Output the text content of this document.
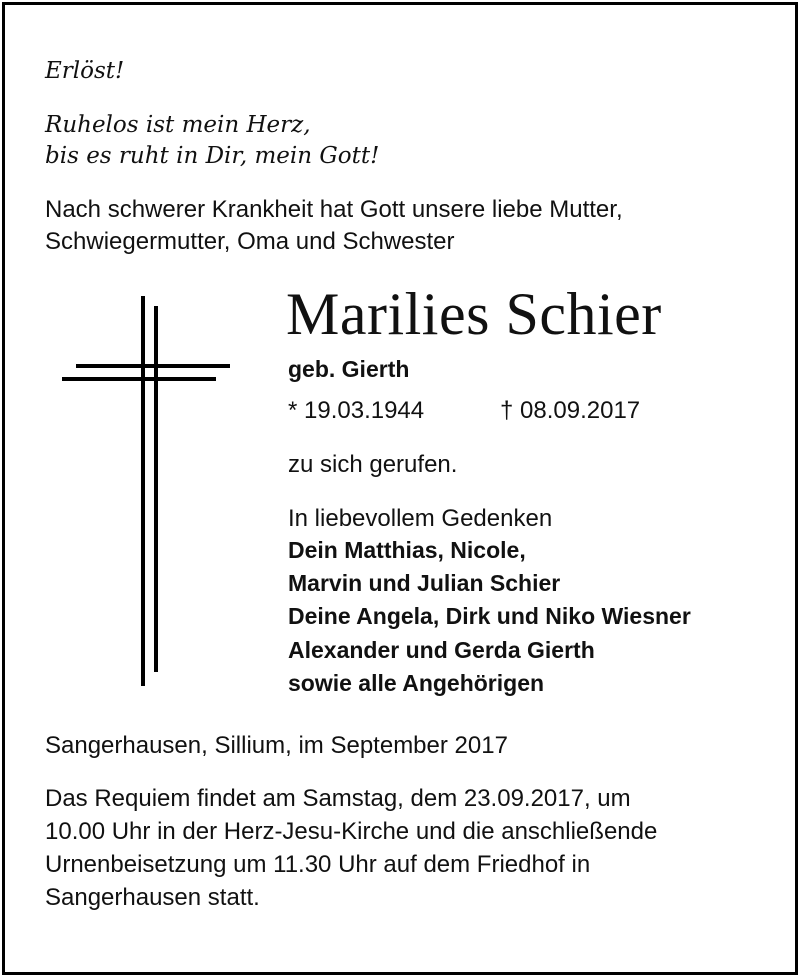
Erlöst!
Ruhelos ist mein Herz,
bis es ruht in Dir, mein Gott!
Nach schwerer Krankheit hat Gott unsere liebe Mutter,
Schwiegermutter, Oma und Schwester
Marilies Schier
geb. Gierth
* 19.03.1944	† 08.09.2017
zu sich gerufen.
In liebevollem Gedenken
Dein Matthias, Nicole,
Marvin und Julian Schier
Deine Angela, Dirk und Niko Wiesner
Alexander und Gerda Gierth
sowie alle Angehörigen
Sangerhausen, Sillium, im September 2017
Das Requiem findet am Samstag, dem 23.09.2017, um
10.00 Uhr in der Herz-Jesu-Kirche und die anschließende
Urnenbeisetzung um 11.30 Uhr auf dem Friedhof in
Sangerhausen statt.
